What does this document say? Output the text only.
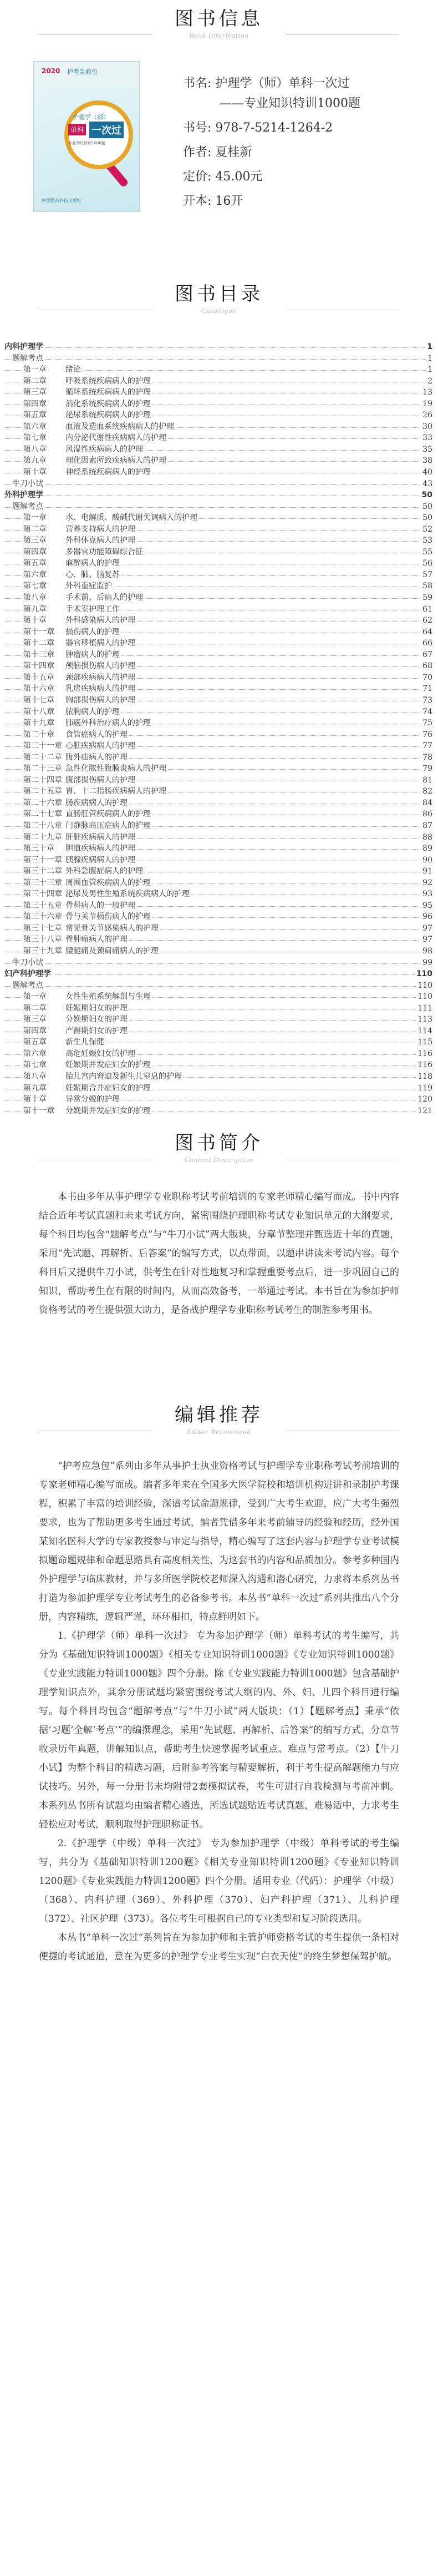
图书信息
Book Information
2020 护考急救包
护理学（师）
单科 一次过
专业知识特训1000题
中国医药科技出版社
书名: 护理学（师）单科一次过
——专业知识特训1000题
书号: 978-7-5214-1264-2
作者: 夏桂新
定价: 45.00元
开本: 16开
图书目录
Catalogue
内科护理学	1
题解考点	1
第一章 绪论	1
第二章 呼吸系统疾病病人的护理	2
第三章 循环系统疾病病人的护理	13
第四章 消化系统疾病病人的护理	19
第五章 泌尿系统疾病病人的护理	26
第六章 血液及造血系统疾病病人的护理	30
第七章 内分泌代谢性疾病病人的护理	33
第八章 风湿性疾病病人的护理	35
第九章 理化因素所致疾病病人的护理	38
第十章 神经系统疾病病人的护理	40
牛刀小试	43
外科护理学	50
题解考点	50
第一章 水、电解质、酸碱代谢失调病人的护理	50
第二章 营养支持病人的护理	52
第三章 外科休克病人的护理	53
第四章 多器官功能障碍综合征	55
第五章 麻醉病人的护理	56
第六章 心、肺、脑复苏	57
第七章 外科重症监护	58
第八章 手术前、后病人的护理	59
第九章 手术室护理工作	61
第十章 外科感染病人的护理	62
第十一章 损伤病人的护理	64
第十二章 器官移植病人的护理	66
第十三章 肿瘤病人的护理	67
第十四章 颅脑损伤病人的护理	68
第十五章 颈部疾病病人的护理	70
第十六章 乳房疾病病人的护理	71
第十七章 胸部损伤病人的护理	73
第十八章 脓胸病人的护理	74
第十九章 肺癌外科治疗病人的护理	75
第二十章 食管癌病人的护理	76
第二十一章 心脏疾病病人的护理	77
第二十二章 腹外疝病人的护理	78
第二十三章 急性化脓性腹膜炎病人的护理	79
第二十四章 腹部损伤病人的护理	81
第二十五章 胃、十二指肠疾病病人的护理	82
第二十六章 肠疾病病人的护理	84
第二十七章 直肠肛管疾病病人的护理	86
第二十八章 门静脉高压症病人的护理	87
第二十九章 肝脏疾病病人的护理	88
第三十章 胆道疾病病人的护理	89
第三十一章 胰腺疾病病人的护理	90
第三十二章 外科急腹症病人的护理	91
第三十三章 周围血管疾病病人的护理	92
第三十四章 泌尿及男性生殖系统疾病病人的护理	93
第三十五章 骨科病人的一般护理	95
第三十六章 骨与关节损伤病人的护理	96
第三十七章 常见骨关节感染病人的护理	97
第三十八章 骨肿瘤病人的护理	97
第三十九章 腰腿痛及颈肩痛病人的护理	98
牛刀小试	99
妇产科护理学	110
题解考点	110
第一章 女性生殖系统解剖与生理	110
第二章 妊娠期妇女的护理	111
第三章 分娩期妇女的护理	113
第四章 产褥期妇女的护理	114
第五章 新生儿保健	115
第六章 高危妊娠妇女的护理	116
第七章 妊娠期并发症妇女的护理	116
第八章 胎儿宫内窘迫及新生儿窒息的护理	118
第九章 妊娠期合并症妇女的护理	119
第十章 异常分娩的护理	120
第十一章 分娩期并发症妇女的护理	121
图书简介
Content Description

本书由多年从事护理学专业职称考试考前培训的专家老师精心编写而成。书中内容结合近年考试真题和未来考试方向，紧密围绕护理职称考试专业知识单元的大纲要求，每个科目均包含“题解考点”与“牛刀小试”两大版块，分章节整理并甄选近十年的真题，采用“先试题、再解析、后答案”的编写方式，以点带面，以题串讲读来考试内容。每个科目后又提供牛刀小试，供考生在针对性地复习和掌握重要考点后，进一步巩固自己的知识，帮助考生在有限的时间内，从而高效备考，一举通过考试。本书旨在为参加护师资格考试的考生提供强大助力，是备战护理学专业职称考试考生的制胜参考用书。

编辑推荐
Editor Recommend

“护考应急包”系列由多年从事护士执业资格考试与护理学专业职称考试考前培训的专家老师精心编写而成。编者多年来在全国多大医学院校和培训机构进讲和录制护考课程，积累了丰富的培训经验，深谙考试命题规律，受到广大考生欢迎，应广大考生强烈要求，也为了帮助更多考生通过考试，编者凭借多年来考前辅导的经验和经历，经外国某知名医科大学的专家教授参与审定与指导，精心编写了这套内容与护理学专业考试模拟题命题规律和命题思路具有高度相关性，为这套书的内容和品质加分。参考多种国内外护理学与临床教材，并与多所医学院校老师深入沟通和潜心研究，力求将本系列丛书打造为参加护理学专业考试考生的必备参考书。本丛书“单科一次过”系列共推出八个分册，内容精练，逻辑严谨，环环相扣，特点鲜明如下。

1.《护理学（师）单科一次过》 专为参加护理学（师）单科考试的考生编写，共分为《基础知识特训1000题》《相关专业知识特训1000题》《专业知识特训1000题》《专业实践能力特训1000题》四个分册。除《专业实践能力特训1000题》包含基础护理学知识点外，其余分册试题均紧密围绕考试大纲的内、外、妇、儿四个科目进行编写。每个科目均包含“题解考点”与“牛刀小试”两大版块：（1）【题解考点】秉承“依据‘习题’全解‘考点’”的编撰理念，采用“先试题、再解析、后答案”的编写方式，分章节收录历年真题，讲解知识点，帮助考生快速掌握考试重点、难点与常考点。（2）【牛刀小试】为整个科目的精选习题，后附参考答案与精要解析，利于考生提高解题能力与应试技巧。另外，每一分册书末均附带2套模拟试卷，考生可进行自我检测与考前冲刺。本系列丛书所有试题均由编者精心遴选，所选试题贴近考试真题，难易适中，力求考生轻松应对考试，顺利取得护理职称证书。

2.《护理学（中级）单科一次过》 专为参加护理学（中级）单科考试的考生编写，共分为《基础知识特训1200题》《相关专业知识特训1200题》《专业知识特训1200题》《专业实践能力特训1200题》四个分册。适用专业（代码）：护理学（中级）（368）、内科护理（369）、外科护理（370）、妇产科护理（371）、儿科护理（372）、社区护理（373）。各位考生可根据自己的专业类型和复习阶段选用。

本丛书“单科一次过”系列旨在为参加护师和主管护师资格考试的考生提供一条相对便捷的考试通道，意在为更多的护理学专业考生实现“白衣天使”的终生梦想保驾护航。
